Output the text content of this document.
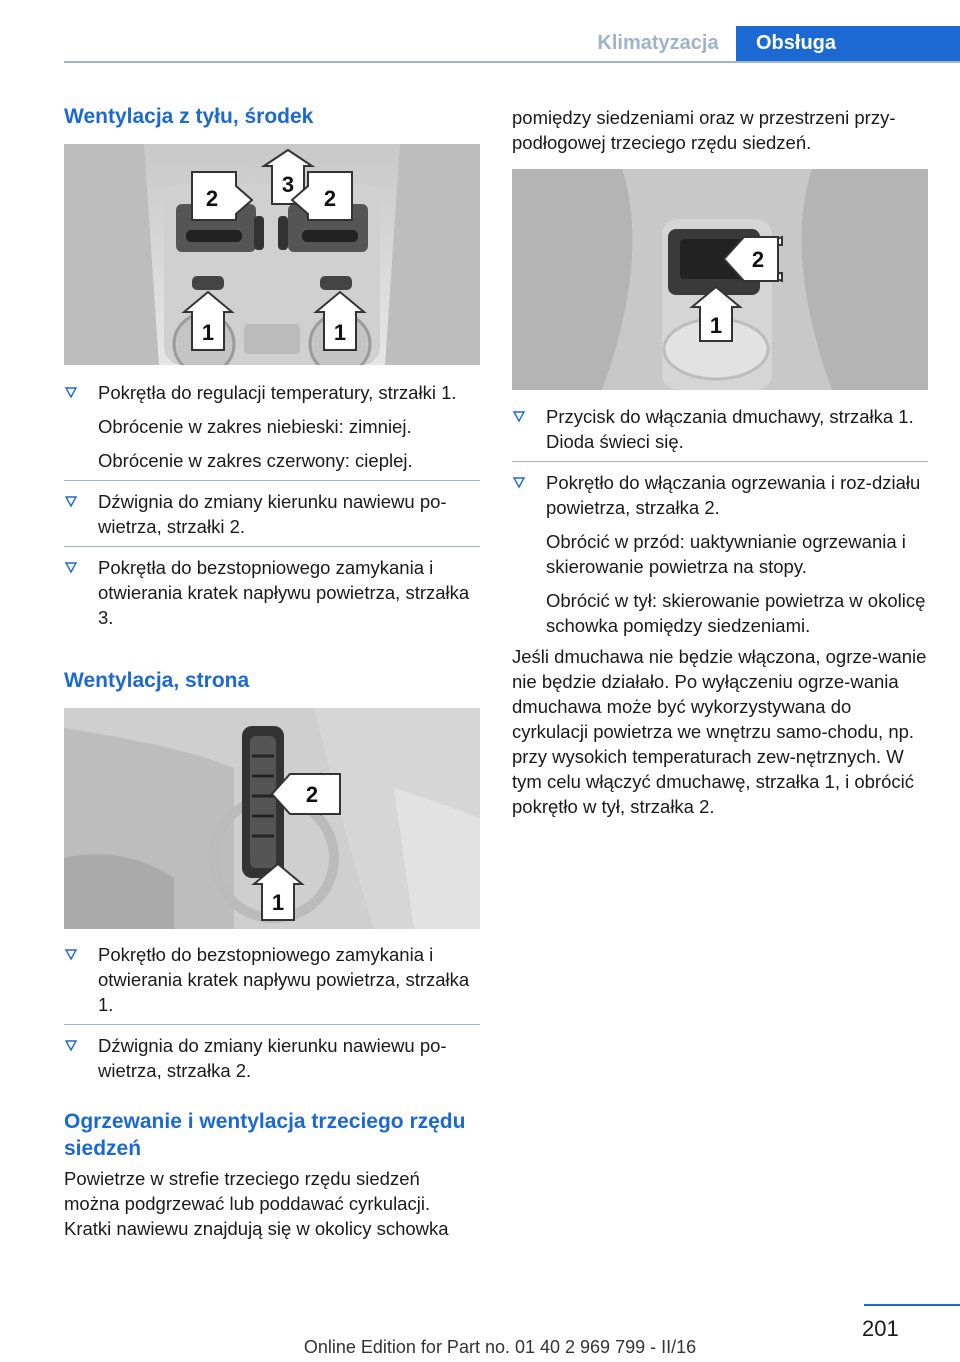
Klimatyzacja	Obsługa
Wentylacja z tyłu, środek
2
3
2
1	1
Pokrętła do regulacji temperatury, strzałki 1.
Obrócenie w zakres niebieski: zimniej.
Obrócenie w zakres czerwony: cieplej.
Dźwignia do zmiany kierunku nawiewu po‐wietrza, strzałki 2.
Pokrętła do bezstopniowego zamykania i otwierania kratek napływu powietrza, strzałka 3.
Wentylacja, strona
2
1
Pokrętło do bezstopniowego zamykania i otwierania kratek napływu powietrza, strzałka 1.
Dźwignia do zmiany kierunku nawiewu po‐wietrza, strzałka 2.
Ogrzewanie i wentylacja trzeciego rzędu siedzeń

Powietrze w strefie trzeciego rzędu siedzeń można podgrzewać lub poddawać cyrkulacji. Kratki nawiewu znajdują się w okolicy schowka

pomiędzy siedzeniami oraz w przestrzeni przy‐podłogowej trzeciego rzędu siedzeń.

2
1
Przycisk do włączania dmuchawy, strzałka 1. Dioda świeci się.
Pokrętło do włączania ogrzewania i roz‐działu powietrza, strzałka 2.
Obrócić w przód: uaktywnianie ogrzewania i skierowanie powietrza na stopy.
Obrócić w tył: skierowanie powietrza w okolicę schowka pomiędzy siedzeniami.

Jeśli dmuchawa nie będzie włączona, ogrze‐wanie nie będzie działało. Po wyłączeniu ogrze‐wania dmuchawa może być wykorzystywana do cyrkulacji powietrza we wnętrzu samo‐chodu, np. przy wysokich temperaturach zew‐nętrznych. W tym celu włączyć dmuchawę, strzałka 1, i obrócić pokrętło w tył, strzałka 2.

201
Online Edition for Part no. 01 40 2 969 799 - II/16
